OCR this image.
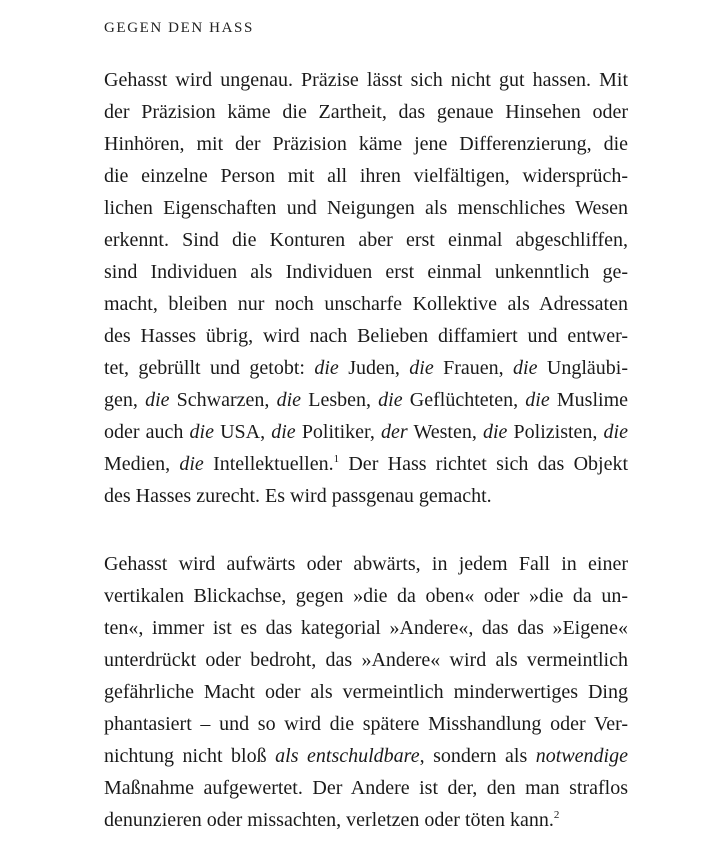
GEGEN DEN HASS
Gehasst wird ungenau. Präzise lässt sich nicht gut hassen. Mit
der Präzision käme die Zartheit, das genaue Hinsehen oder
Hinhören, mit der Präzision käme jene Differenzierung, die
die einzelne Person mit all ihren vielfältigen, widersprüch-
lichen Eigenschaften und Neigungen als menschliches Wesen
erkennt. Sind die Konturen aber erst einmal abgeschliffen,
sind Individuen als Individuen erst einmal unkenntlich ge-
macht, bleiben nur noch unscharfe Kollektive als Adressaten
des Hasses übrig, wird nach Belieben diffamiert und entwer-
tet, gebrüllt und getobt: die Juden, die Frauen, die Ungläubi-
gen, die Schwarzen, die Lesben, die Geflüchteten, die Muslime
oder auch die USA, die Politiker, der Westen, die Polizisten, die
Medien, die Intellektuellen.$^1$ Der Hass richtet sich das Objekt
des Hasses zurecht. Es wird passgenau gemacht.
Gehasst wird aufwärts oder abwärts, in jedem Fall in einer
vertikalen Blickachse, gegen »die da oben« oder »die da un-
ten«, immer ist es das kategorial »Andere«, das das »Eigene«
unterdrückt oder bedroht, das »Andere« wird als vermeintlich
gefährliche Macht oder als vermeintlich minderwertiges Ding
phantasiert – und so wird die spätere Misshandlung oder Ver-
nichtung nicht bloß als entschuldbare, sondern als notwendige
Maßnahme aufgewertet. Der Andere ist der, den man straflos
denunzieren oder missachten, verletzen oder töten kann.$^2$
